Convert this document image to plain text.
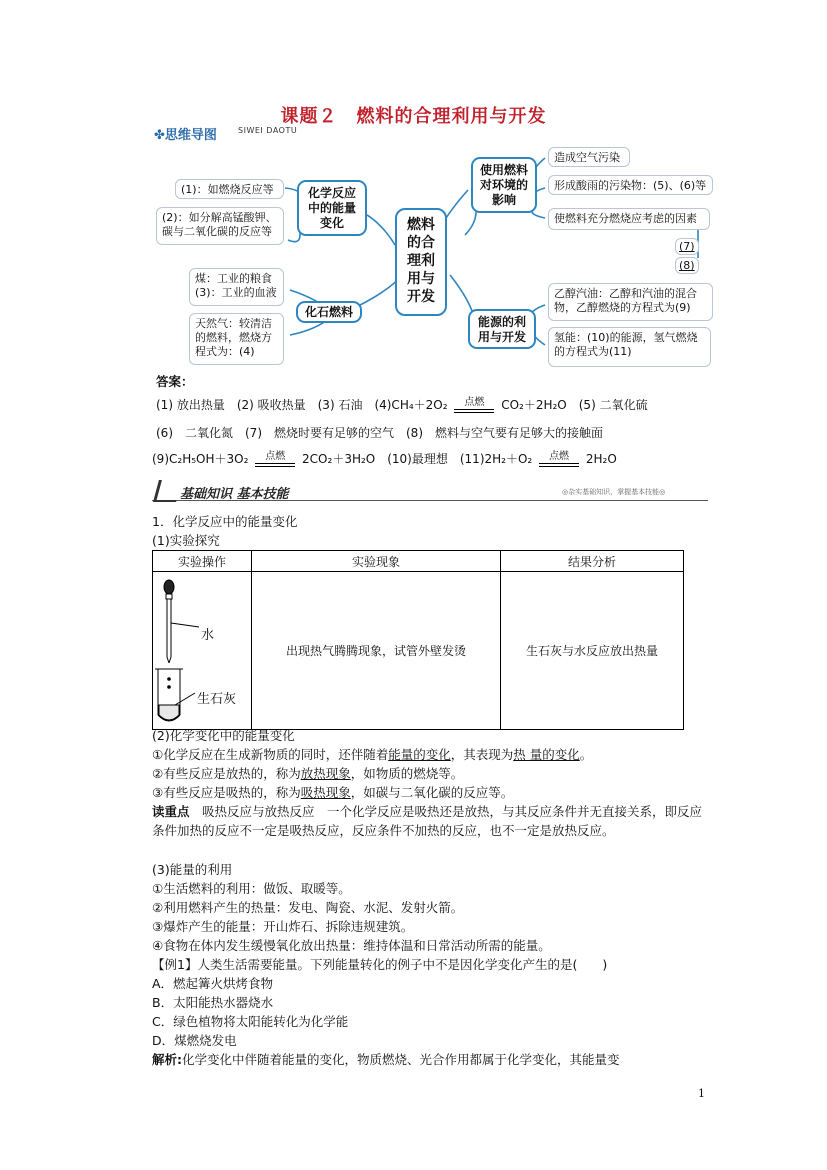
课题２　燃料的合理利用与开发
✤思维导图	SIWEI DAOTU
(1)：如燃烧反应等
(2)：如分解高锰酸钾、
碳与二氧化碳的反应等
煤：工业的粮食
(3)：工业的血液
天然气：较清洁
的燃料，燃烧方
程式为：(4)
化学反应
中的能量
变化
化石燃料
燃料
的合
理利
用与
开发
使用燃料
对环境的
影响
能源的利
用与开发
造成空气污染
形成酸雨的污染物：(5)、(6)等
使燃料充分燃烧应考虑的因素
(7)
(8)
乙醇汽油：乙醇和汽油的混合
物，乙醇燃烧的方程式为(9)
氢能：(10)的能源，氢气燃烧
的方程式为(11)
答案：
(1) 放出热量　(2) 吸收热量　(3) 石油　(4)CH₄＋2O₂	点燃	CO₂＋2H₂O　(5) 二氧化硫
(6)　二氧化氮　(7)　燃烧时要有足够的空气　(8)　燃料与空气要有足够大的接触面
(9)C₂H₅OH＋3O₂	点燃	2CO₂＋3H₂O　(10)最理想　(11)2H₂＋O₂	点燃	2H₂O
基础知识 基本技能	◎杂实基础知识，掌握基本技能◎
1．化学反应中的能量变化
(1)实验探究
实验操作	实验现象	结果分析

水
生石灰	出现热气腾腾现象，试管外壁发烫	生石灰与水反应放出热量
(2)化学变化中的能量变化
①化学反应在生成新物质的同时，还伴随着能量的变化，其表现为热 量的变化。
②有些反应是放热的，称为放热现象，如物质的燃烧等。
③有些反应是吸热的，称为吸热现象，如碳与二氧化碳的反应等。
读重点　吸热反应与放热反应　一个化学反应是吸热还是放热，与其反应条件并无直接关系，即反应条件加热的反应不一定是吸热反应，反应条件不加热的反应，也不一定是放热反应。
(3)能量的利用
①生活燃料的利用：做饭、取暖等。
②利用燃料产生的热量：发电、陶瓷、水泥、发射火箭。
③爆炸产生的能量：开山炸石、拆除违规建筑。
④食物在体内发生缓慢氧化放出热量：维持体温和日常活动所需的能量。
【例1】人类生活需要能量。下列能量转化的例子中不是因化学变化产生的是(　　)
A．燃起篝火烘烤食物
B．太阳能热水器烧水
C．绿色植物将太阳能转化为化学能
D．煤燃烧发电
解析:化学变化中伴随着能量的变化，物质燃烧、光合作用都属于化学变化，其能量变
1
